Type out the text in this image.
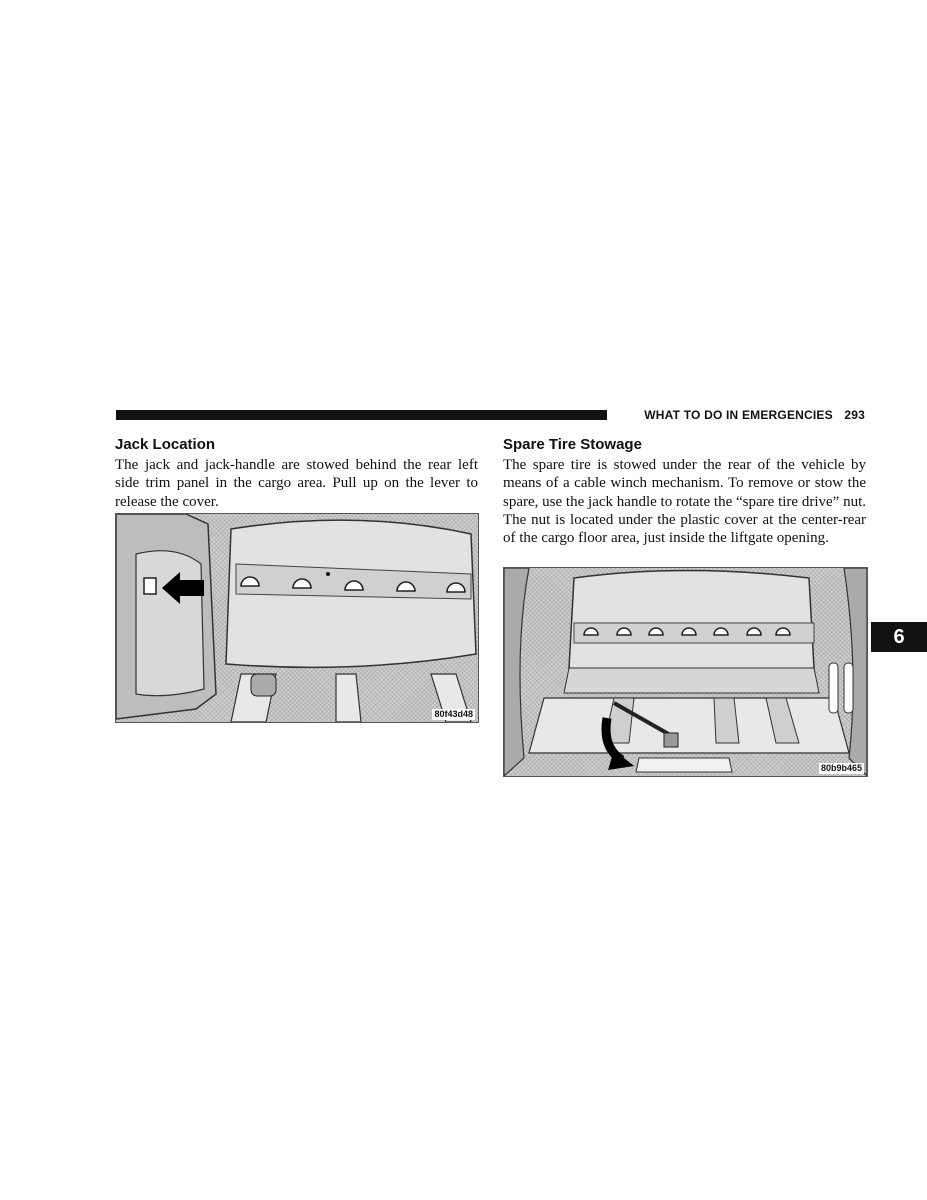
WHAT TO DO IN EMERGENCIES 293
6
Jack Location

The jack and jack-handle are stowed behind the rear left side trim panel in the cargo area. Pull up on the lever to release the cover.

80f43d48
Spare Tire Stowage

The spare tire is stowed under the rear of the vehicle by means of a cable winch mechanism. To remove or stow the spare, use the jack handle to rotate the “spare tire drive” nut. The nut is located under the plastic cover at the center-rear of the cargo floor area, just inside the liftgate opening.

80b9b465
